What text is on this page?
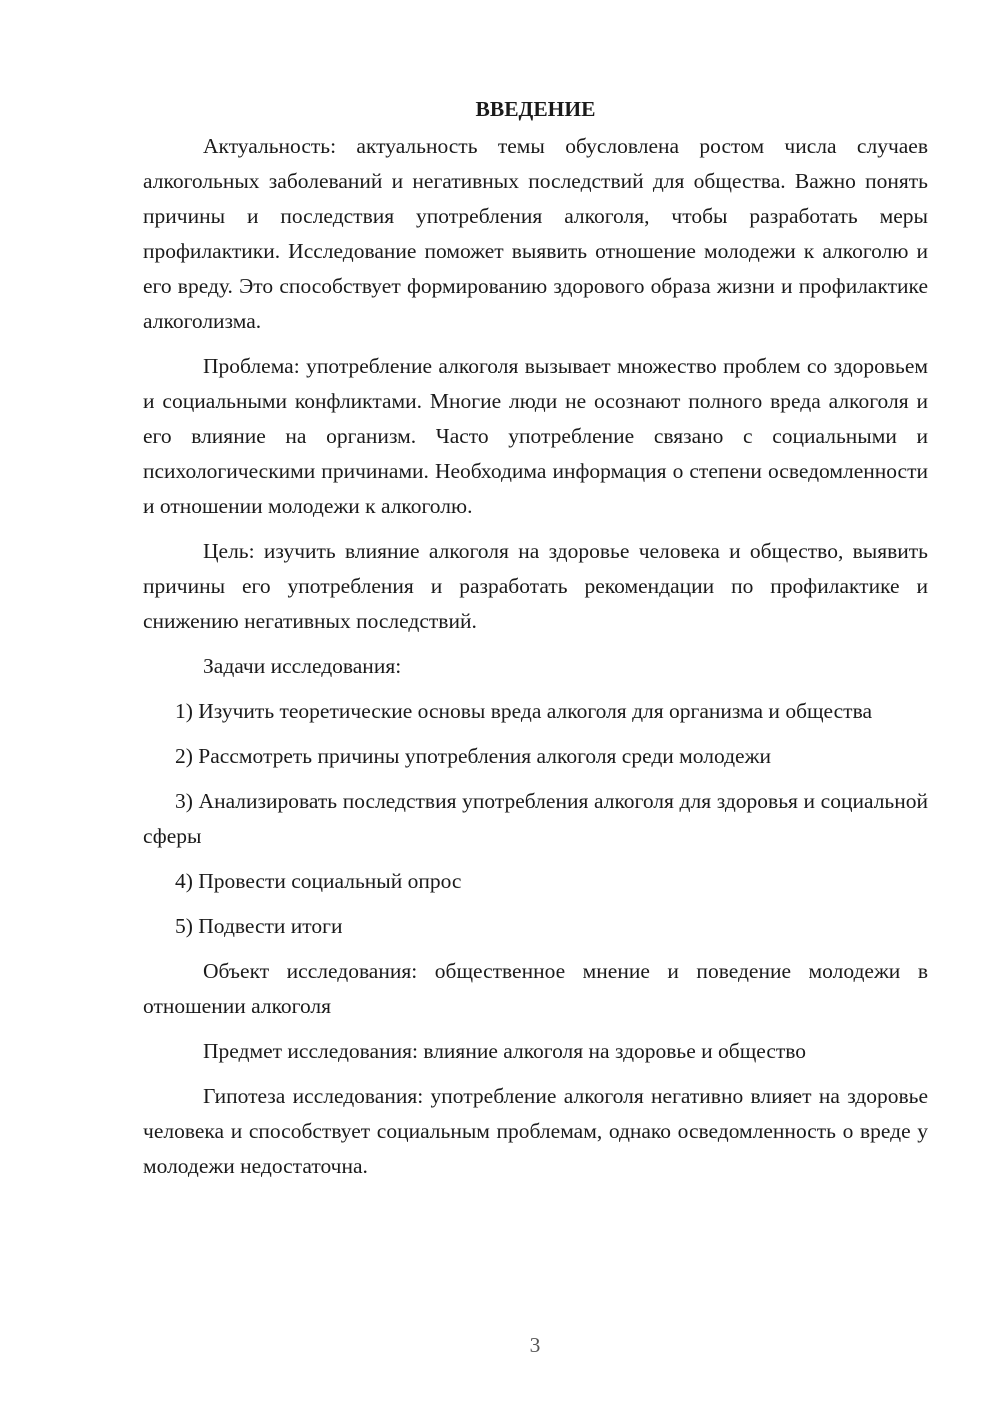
ВВЕДЕНИЕ

Актуальность: актуальность темы обусловлена ростом числа случаев алкогольных заболеваний и негативных последствий для общества. Важно понять причины и последствия употребления алкоголя, чтобы разработать меры профилактики. Исследование поможет выявить отношение молодежи к алкоголю и его вреду. Это способствует формированию здорового образа жизни и профилактике алкоголизма.

Проблема: употребление алкоголя вызывает множество проблем со здоровьем и социальными конфликтами. Многие люди не осознают полного вреда алкоголя и его влияние на организм. Часто употребление связано с социальными и психологическими причинами. Необходима информация о степени осведомленности и отношении молодежи к алкоголю.

Цель: изучить влияние алкоголя на здоровье человека и общество, выявить причины его употребления и разработать рекомендации по профилактике и снижению негативных последствий.

Задачи исследования:

1) Изучить теоретические основы вреда алкоголя для организма и общества

2) Рассмотреть причины употребления алкоголя среди молодежи

3) Анализировать последствия употребления алкоголя для здоровья и социальной сферы

4) Провести социальный опрос

5) Подвести итоги

Объект исследования: общественное мнение и поведение молодежи в отношении алкоголя

Предмет исследования: влияние алкоголя на здоровье и общество

Гипотеза исследования: употребление алкоголя негативно влияет на здоровье человека и способствует социальным проблемам, однако осведомленность о вреде у молодежи недостаточна.

3
